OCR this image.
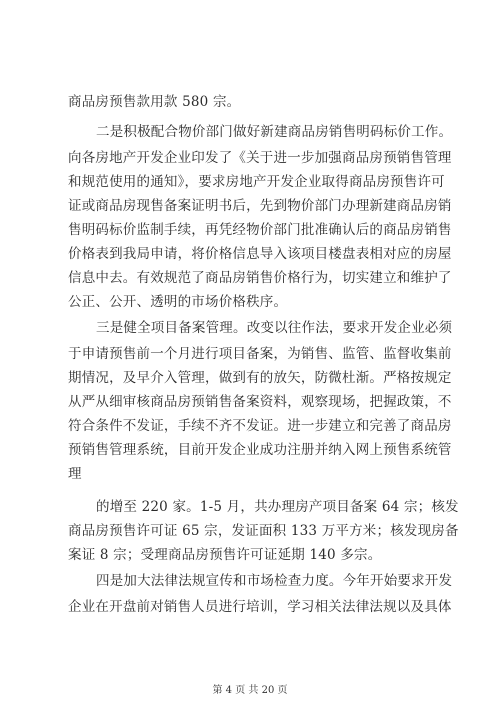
商品房预售款用款 580 宗。
二是积极配合物价部门做好新建商品房销售明码标价工作。
向各房地产开发企业印发了《关于进一步加强商品房预销售管理
和规范使用的通知》，要求房地产开发企业取得商品房预售许可
证或商品房现售备案证明书后，先到物价部门办理新建商品房销
售明码标价监制手续，再凭经物价部门批准确认后的商品房销售
价格表到我局申请，将价格信息导入该项目楼盘表相对应的房屋
信息中去。有效规范了商品房销售价格行为，切实建立和维护了
公正、公开、透明的市场价格秩序。
三是健全项目备案管理。改变以往作法，要求开发企业必须
于申请预售前一个月进行项目备案，为销售、监管、监督收集前
期情况，及早介入管理，做到有的放矢，防微杜渐。严格按规定
从严从细审核商品房预销售备案资料，观察现场，把握政策，不
符合条件不发证，手续不齐不发证。进一步建立和完善了商品房
预销售管理系统，目前开发企业成功注册并纳入网上预售系统管
理
的增至 220 家。1-5 月，共办理房产项目备案 64 宗；核发
商品房预售许可证 65 宗，发证面积 133 万平方米；核发现房备
案证 8 宗；受理商品房预售许可证延期 140 多宗。
四是加大法律法规宣传和市场检查力度。今年开始要求开发
企业在开盘前对销售人员进行培训，学习相关法律法规以及具体
第 4 页 共 20 页
